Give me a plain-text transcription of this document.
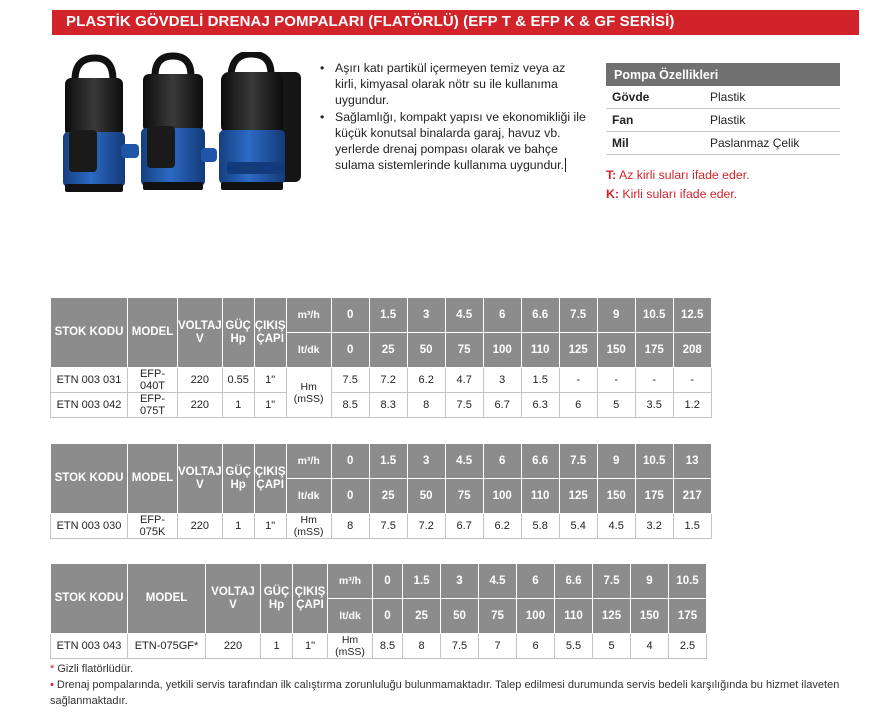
PLASTİK GÖVDELİ DRENAJ POMPALARI (FLATÖRLÜ) (EFP T & EFP K & GF SERİSİ)
• Aşırı katı partikül içermeyen temiz veya az kirli, kimyasal olarak nötr su ile kullanıma uygundur.
• Sağlamlığı, kompakt yapısı ve ekonomikliği ile küçük konutsal binalarda garaj, havuz vb. yerlerde drenaj pompası olarak ve bahçe sulama sistemlerinde kullanıma uygundur.
Pompa Özellikleri	
Gövde	Plastik
Fan	Plastik
Mil	Paslanmaz Çelik
T: Az kirli suları ifade eder.
K: Kirli suları ifade eder.
STOK KODU	MODEL	VOLTAJ V	GÜÇ Hp	ÇIKIŞ ÇAPI	m³/h	0	1.5	3	4.5	6	6.6	7.5	9	10.5	12.5
					lt/dk	0	25	50	75	100	110	125	150	175	208
ETN 003 031	EFP-040T	220	0.55	1"	Hm (mSS)	7.5	7.2	6.2	4.7	3	1.5	-	-	-	-
ETN 003 042	EFP-075T	220	1	1"		8.5	8.3	8	7.5	6.7	6.3	6	5	3.5	1.2
STOK KODU	MODEL	VOLTAJ V	GÜÇ Hp	ÇIKIŞ ÇAPI	m³/h	0	1.5	3	4.5	6	6.6	7.5	9	10.5	13
					lt/dk	0	25	50	75	100	110	125	150	175	217
ETN 003 030	EFP-075K	220	1	1"	Hm (mSS)	8	7.5	7.2	6.7	6.2	5.8	5.4	4.5	3.2	1.5
STOK KODU	MODEL	VOLTAJ V	GÜÇ Hp	ÇIKIŞ ÇAPI	m³/h	0	1.5	3	4.5	6	6.6	7.5	9	10.5
					lt/dk	0	25	50	75	100	110	125	150	175
ETN 003 043	ETN-075GF*	220	1	1"	Hm (mSS)	8.5	8	7.5	7	6	5.5	5	4	2.5
* Gizli flatörlüdür.
• Drenaj pompalarında, yetkili servis tarafından ilk calıştırma zorunluluğu bulunmamaktadır. Talep edilmesi durumunda servis bedeli karşılığında bu hizmet ilaveten sağlanmaktadır.
